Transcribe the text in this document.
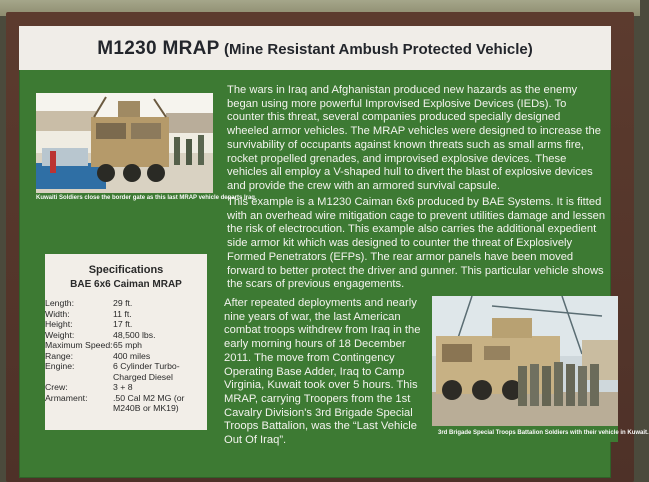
M1230 MRAP (Mine Resistant Ambush Protected Vehicle)
Kuwaiti Soldiers close the border gate as this last MRAP vehicle departs Iraq.

The wars in Iraq and Afghanistan produced new hazards as the enemy began using more powerful Improvised Explosive Devices (IEDs). To counter this threat, several companies produced specially designed wheeled armor vehicles. The MRAP vehicles were designed to increase the survivability of occupants against known threats such as small arms fire, rocket propelled grenades, and improvised explosive devices. These vehicles all employ a V-shaped hull to divert the blast of explosive devices and provide the crew with an armored survival capsule.

This example is a M1230 Caiman 6x6 produced by BAE Systems. It is fitted with an overhead wire mitigation cage to prevent utilities damage and lessen the risk of electrocution. This example also carries the additional expedient side armor kit which was designed to counter the threat of Explosively Formed Penetrators (EFPs). The rear armor panels have been moved forward to better protect the driver and gunner. This particular vehicle shows the scars of previous engagements.

Specifications
BAE 6x6 Caiman MRAP
Length:	29 ft.
Width:	11 ft.
Height:	17 ft.
Weight:	48,500 lbs.
Maximum Speed:	65 mph
Range:	400 miles
Engine:	6 Cylinder Turbo-Charged Diesel
Crew:	3 + 8
Armament:	.50 Cal M2 MG (or M240B or MK19)

After repeated deployments and nearly nine years of war, the last American combat troops withdrew from Iraq in the early morning hours of 18 December 2011. The move from Contingency Operating Base Adder, Iraq to Camp Virginia, Kuwait took over 5 hours. This MRAP, carrying Troopers from the 1st Cavalry Division's 3rd Brigade Special Troops Battalion, was the “Last Vehicle Out Of Iraq”.

3rd Brigade Special Troops Battalion Soldiers with their vehicle in Kuwait.
